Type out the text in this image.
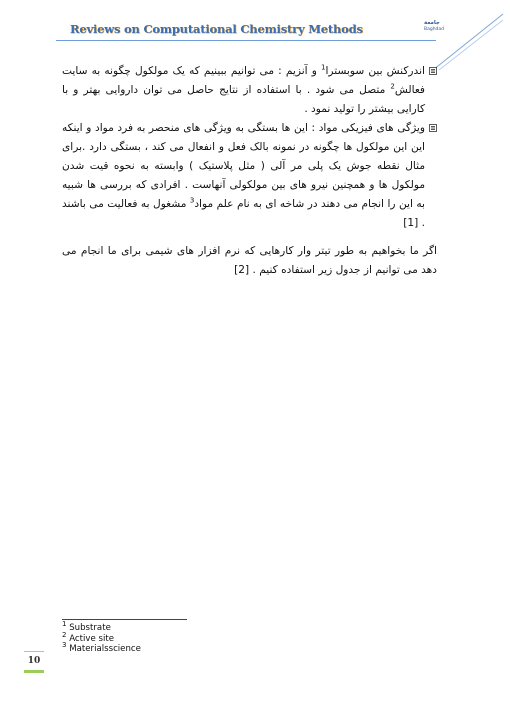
Reviews on Computational Chemistry Methods	جامعة
Baghdad
اندرکنش بین سوبسترا$^1$ و آنزیم : می توانیم ببینیم که یک مولکول چگونه به سایت فعالش$^2$ متصل می شود . با استفاده از نتایج حاصل می توان داروایی بهتر و با کارایی بیشتر را تولید نمود .
ویژگی های فیزیکی مواد : این ها بستگی به ویژگی های منحصر به فرد مواد و اینکه این این مولکول ها چگونه در نمونه بالک فعل و انفعال می کند ، بستگی دارد .برای مثال نقطه جوش یک پلی مر آلی ( مثل پلاستیک ) وابسته به نحوه قیت شدن مولکول ها و همچنین نیرو های بین مولکولی آنهاست . افرادی که بررسی ها شبیه به این را انجام می دهند در شاخه ای به نام علم مواد$^3$ مشغول به فعالیت می باشند . [1]

اگر ما بخواهیم به طور تیتر وار کارهایی که نرم افزار های شیمی برای ما انجام می دهد می توانیم از جدول زیر استفاده کنیم . [2]

$^1$ Substrate
$^2$ Active site
$^3$ Materialsscience
10
